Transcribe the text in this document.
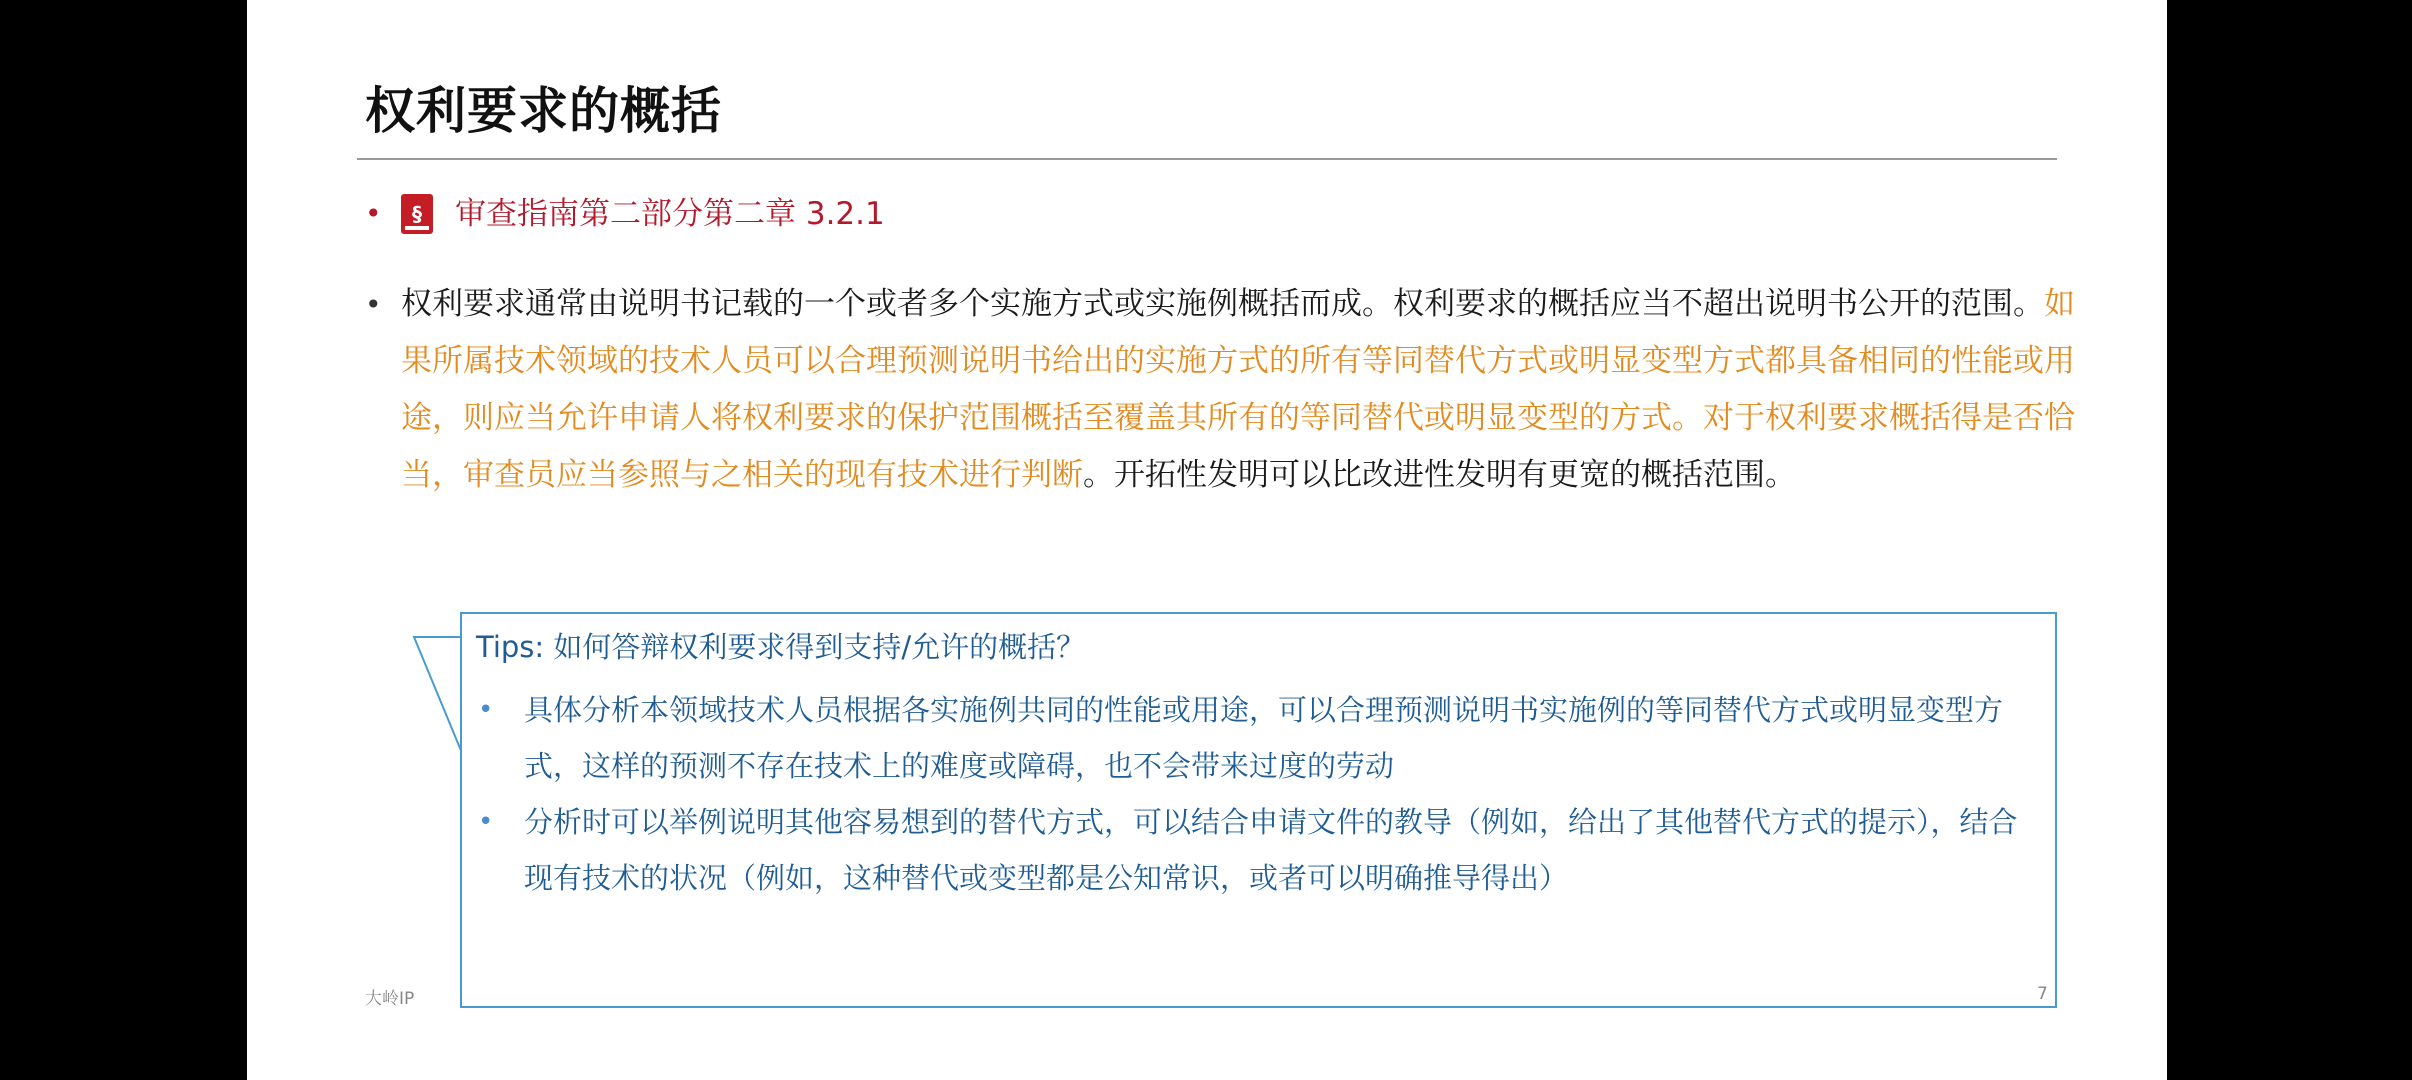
权利要求的概括
•	§	审查指南第二部分第二章 3.2.1
• 权利要求通常由说明书记载的一个或者多个实施方式或实施例概括而成。权利要求的概括应当不超出说明书公开的范围。如果所属技术领域的技术人员可以合理预测说明书给出的实施方式的所有等同替代方式或明显变型方式都具备相同的性能或用途，则应当允许申请人将权利要求的保护范围概括至覆盖其所有的等同替代或明显变型的方式。对于权利要求概括得是否恰当，审查员应当参照与之相关的现有技术进行判断。开拓性发明可以比改进性发明有更宽的概括范围。
Tips: 如何答辩权利要求得到支持/允许的概括？
•	具体分析本领域技术人员根据各实施例共同的性能或用途，可以合理预测说明书实施例的等同替代方式或明显变型方式，这样的预测不存在技术上的难度或障碍，也不会带来过度的劳动
•	分析时可以举例说明其他容易想到的替代方式，可以结合申请文件的教导（例如，给出了其他替代方式的提示），结合现有技术的状况（例如，这种替代或变型都是公知常识，或者可以明确推导得出）
大岭IP	7
